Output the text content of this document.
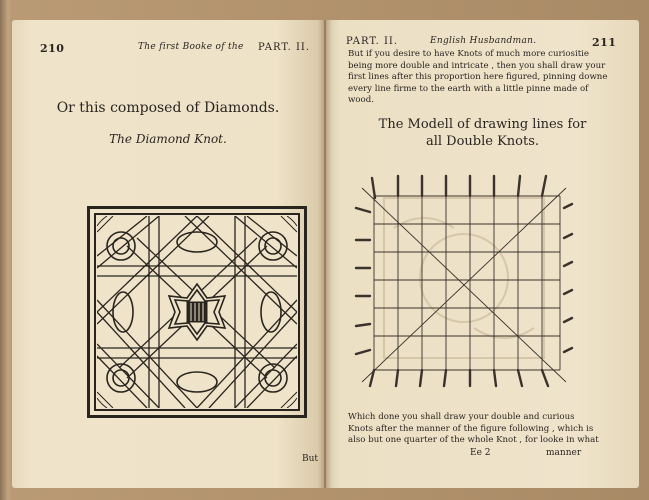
210	The first Booke of the PART. II.
Or this composed of Diamonds.
The Diamond Knot.
But
PART. II.	English Husbandman.	211
But if you desire to have Knots of much more curiositie
being more double and intricate , then you shall draw your
first lines after this proportion here figured, pinning downe
every line firme to the earth with a little pinne made of
wood.
The Modell of drawing lines for
all Double Knots.
Which done you shall draw your double and curious
Knots after the manner of the figure following , which is
also but one quarter of the whole Knot , for looke in what
Ee 2	manner
